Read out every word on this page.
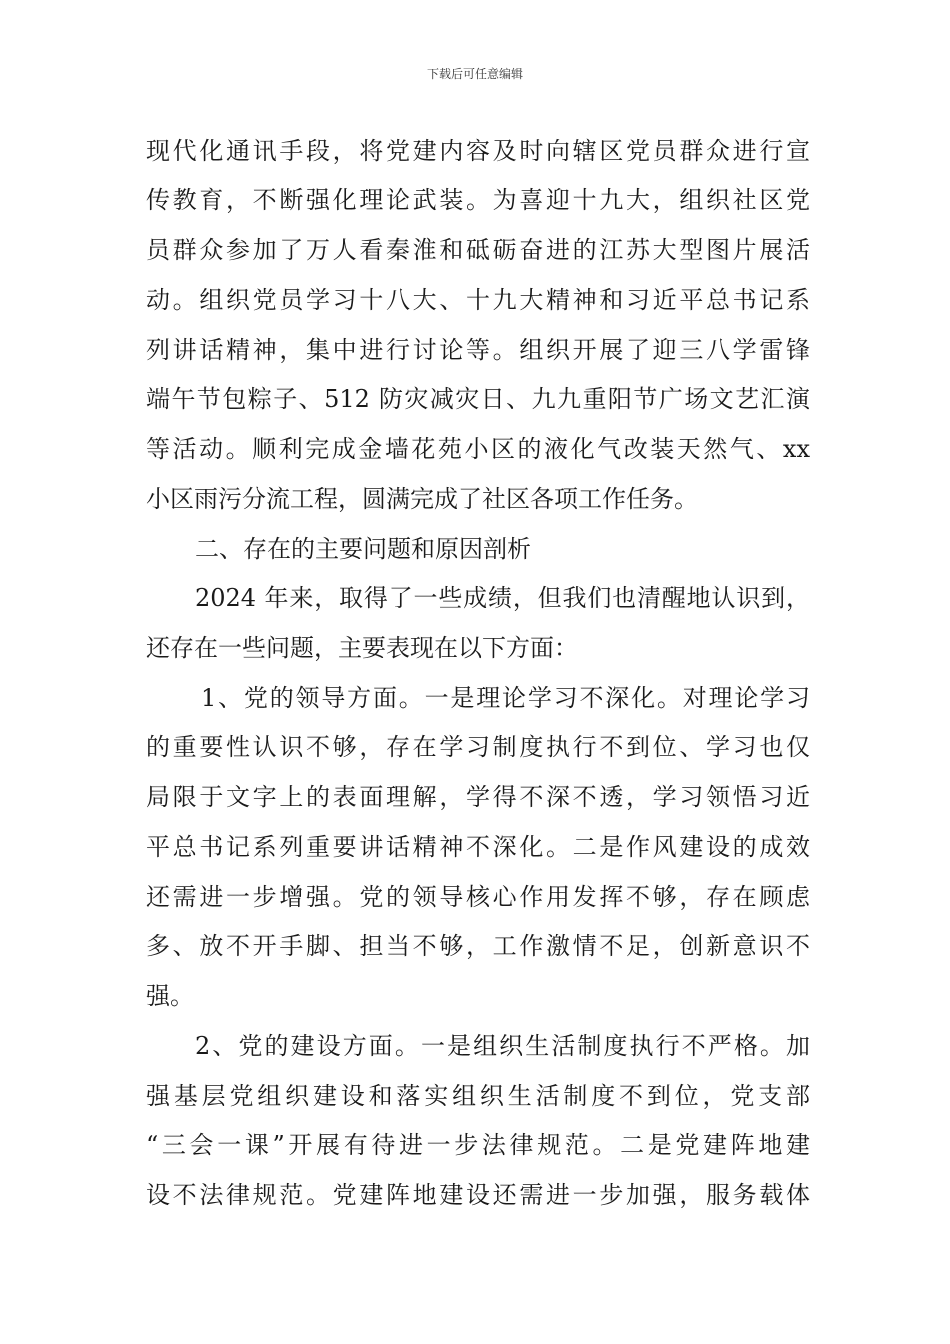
下载后可任意编辑
现代化通讯手段，将党建内容及时向辖区党员群众进行宣
传教育，不断强化理论武装。为喜迎十九大，组织社区党
员群众参加了万人看秦淮和砥砺奋进的江苏大型图片展活
动。组织党员学习十八大、十九大精神和习近平总书记系
列讲话精神，集中进行讨论等。组织开展了迎三八学雷锋
端午节包粽子、512 防灾减灾日、九九重阳节广场文艺汇演
等活动。顺利完成金墙花苑小区的液化气改装天然气、xx
小区雨污分流工程，圆满完成了社区各项工作任务。
二、存在的主要问题和原因剖析
2024 年来，取得了一些成绩，但我们也清醒地认识到，
还存在一些问题，主要表现在以下方面：
1、党的领导方面。一是理论学习不深化。对理论学习
的重要性认识不够，存在学习制度执行不到位、学习也仅
局限于文字上的表面理解，学得不深不透，学习领悟习近
平总书记系列重要讲话精神不深化。二是作风建设的成效
还需进一步增强。党的领导核心作用发挥不够，存在顾虑
多、放不开手脚、担当不够，工作激情不足，创新意识不
强。
2、党的建设方面。一是组织生活制度执行不严格。加
强基层党组织建设和落实组织生活制度不到位，党支部
“三会一课”开展有待进一步法律规范。二是党建阵地建
设不法律规范。党建阵地建设还需进一步加强，服务载体
